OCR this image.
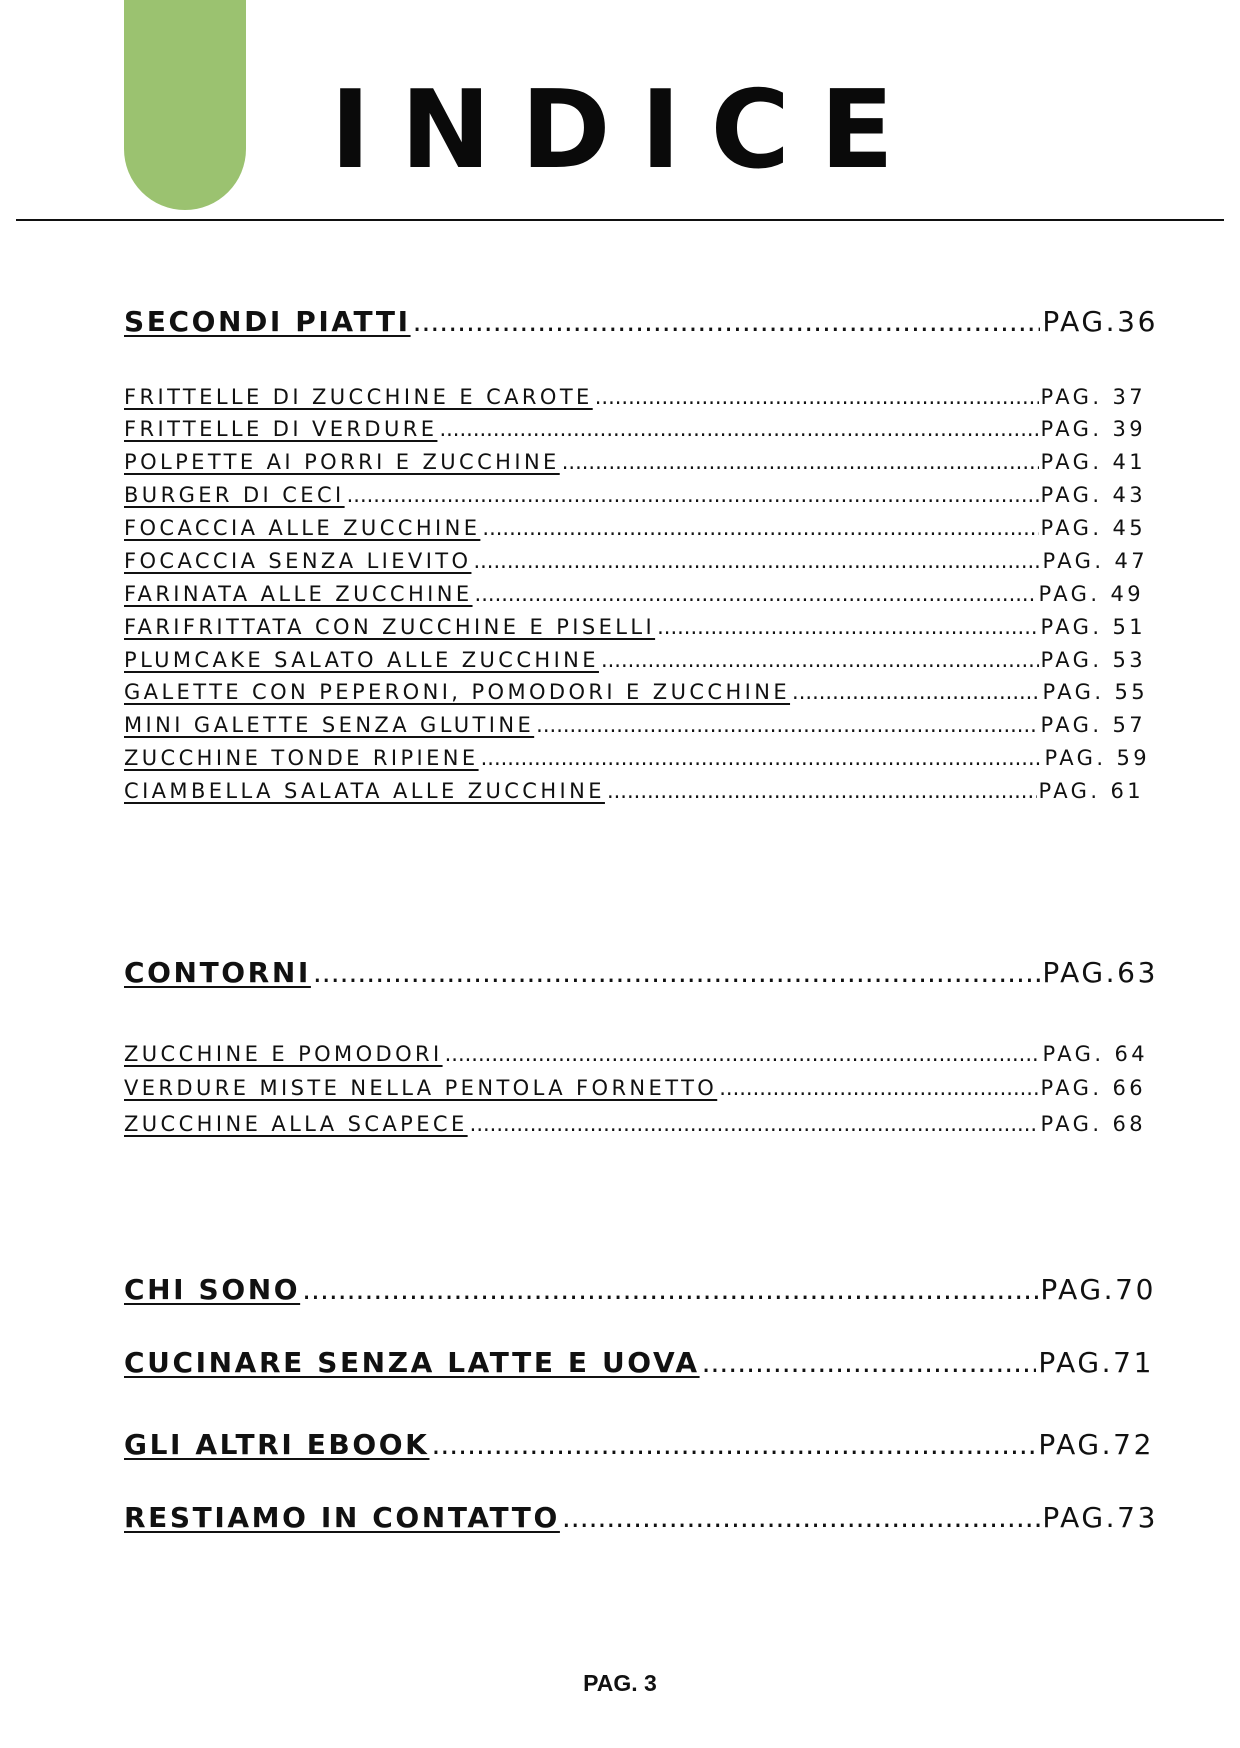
INDICE
SECONDI PIATTI .....	PAG.36
FRITTELLE DI ZUCCHINE E CAROTE .....	PAG. 37
FRITTELLE DI VERDURE .....	PAG. 39
POLPETTE AI PORRI E ZUCCHINE .....	PAG. 41
BURGER DI CECI .....	PAG. 43
FOCACCIA ALLE ZUCCHINE .....	PAG. 45
FOCACCIA SENZA LIEVITO .....	PAG. 47
FARINATA ALLE ZUCCHINE .....	PAG. 49
FARIFRITTATA CON ZUCCHINE E PISELLI .....	PAG. 51
PLUMCAKE SALATO ALLE ZUCCHINE .....	PAG. 53
GALETTE CON PEPERONI, POMODORI E ZUCCHINE .....	PAG. 55
MINI GALETTE SENZA GLUTINE .....	PAG. 57
ZUCCHINE TONDE RIPIENE .....	PAG. 59
CIAMBELLA SALATA ALLE ZUCCHINE .....	PAG. 61
CONTORNI .....	PAG.63
ZUCCHINE E POMODORI .....	PAG. 64
VERDURE MISTE NELLA PENTOLA FORNETTO .....	PAG. 66
ZUCCHINE ALLA SCAPECE .....	PAG. 68
CHI SONO .....	PAG.70
CUCINARE SENZA LATTE E UOVA .....	PAG.71
GLI ALTRI EBOOK .....	PAG.72
RESTIAMO IN CONTATTO .....	PAG.73
PAG. 3
